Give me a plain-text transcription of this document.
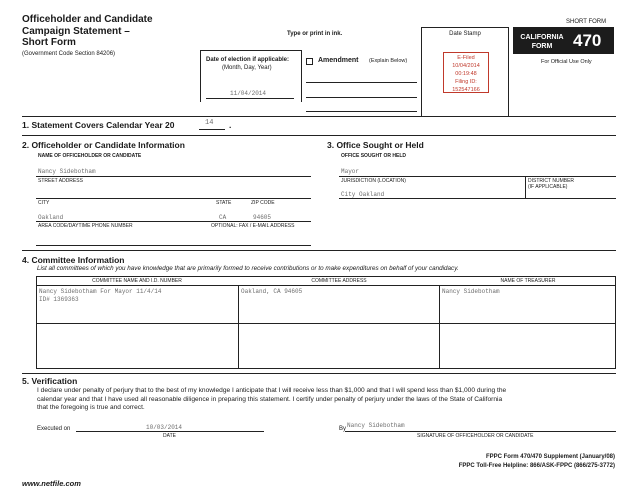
Officeholder and Candidate
Campaign Statement –
Short Form
(Government Code Section 84206)
Type or print in ink.	Date Stamp
E-Filed
10/04/2014
00:19:48
Filing ID:
152547166
SHORT FORM
CALIFORNIA
FORM	470
For Official Use Only
Date of election if applicable:
(Month, Day, Year)
11/04/2014
Amendment (Explain Below)
1. Statement Covers Calendar Year 20	14 .
2. Officeholder or Candidate Information
NAME OF OFFICEHOLDER OR CANDIDATE
Nancy Sidebotham
STREET ADDRESS
CITY	STATE	ZIP CODE
Oakland	CA	94605
AREA CODE/DAYTIME PHONE NUMBER	OPTIONAL: FAX / E-MAIL ADDRESS
3. Office Sought or Held
OFFICE SOUGHT OR HELD
Mayor
JURISDICTION (LOCATION)	DISTRICT NUMBER
(IF APPLICABLE)
City Oakland
4. Committee Information
List all committees of which you have knowledge that are primarily formed to receive contributions or to make expenditures on behalf of your candidacy.
COMMITTEE NAME AND I.D. NUMBER	COMMITTEE ADDRESS	NAME OF TREASURER
Nancy Sidebotham For Mayor 11/4/14
ID# 1369363
Oakland, CA 94605	Nancy Sidebotham
5. Verification
I declare under penalty of perjury that to the best of my knowledge I anticipate that I will receive less than $1,000 and that I will spend less than $1,000 during the
calendar year and that I have used all reasonable diligence in preparing this statement. I certify under penalty of perjury under the laws of the State of California
that the foregoing is true and correct.
Executed on	10/03/2014
DATE
By Nancy Sidebotham
SIGNATURE OF OFFICEHOLDER OR CANDIDATE
FPPC Form 470/470 Supplement (January/08)
FPPC Toll-Free Helpline: 866/ASK-FPPC (866/275-3772)
www.netfile.com
